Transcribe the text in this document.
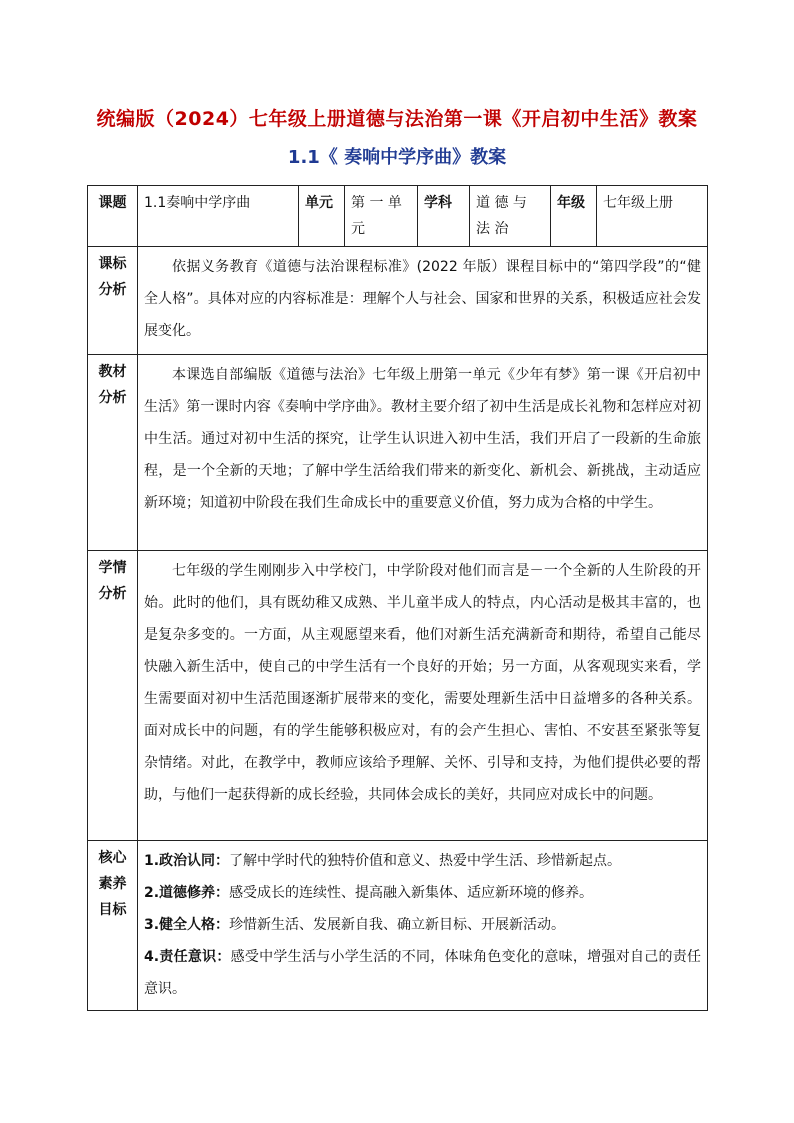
统编版（2024）七年级上册道德与法治第一课《开启初中生活》教案
1.1《 奏响中学序曲》教案
课题	1.1奏响中学序曲	单元	第 一 单 元	学科	道 德 与 法 治	年级	七年级上册
课标分析	依据义务教育《道德与法治课程标准》(2022 年版）课程目标中的“第四学段”的“健全人格”。具体对应的内容标准是：理解个人与社会、国家和世界的关系，积极适应社会发展变化。						

教材分析	本课选自部编版《道德与法治》七年级上册第一单元《少年有梦》第一课《开启初中生活》第一课时内容《奏响中学序曲》。教材主要介绍了初中生活是成长礼物和怎样应对初中生活。通过对初中生活的探究，让学生认识进入初中生活，我们开启了一段新的生命旅程，是一个全新的天地；了解中学生活给我们带来的新变化、新机会、新挑战，主动适应新环境；知道初中阶段在我们生命成长中的重要意义价值，努力成为合格的中学生。						

学情分析	七年级的学生刚刚步入中学校门，中学阶段对他们而言是－一个全新的人生阶段的开始。此时的他们，具有既幼稚又成熟、半儿童半成人的特点，内心活动是极其丰富的，也是复杂多变的。一方面，从主观愿望来看，他们对新生活充满新奇和期待，希望自己能尽快融入新生活中，使自己的中学生活有一个良好的开始；另一方面，从客观现实来看，学生需要面对初中生活范围逐渐扩展带来的变化，需要处理新生活中日益增多的各种关系。面对成长中的问题，有的学生能够积极应对，有的会产生担心、害怕、不安甚至紧张等复杂情绪。对此，在教学中，教师应该给予理解、关怀、引导和支持，为他们提供必要的帮助，与他们一起获得新的成长经验，共同体会成长的美好，共同应对成长中的问题。						

核心素养目标	1.政治认同：了解中学时代的独特价值和意义、热爱中学生活、珍惜新起点。
2.道德修养：感受成长的连续性、提高融入新集体、适应新环境的修养。
3.健全人格：珍惜新生活、发展新自我、确立新目标、开展新活动。
4.责任意识：感受中学生活与小学生活的不同，体味角色变化的意味，增强对自己的责任意识。						
